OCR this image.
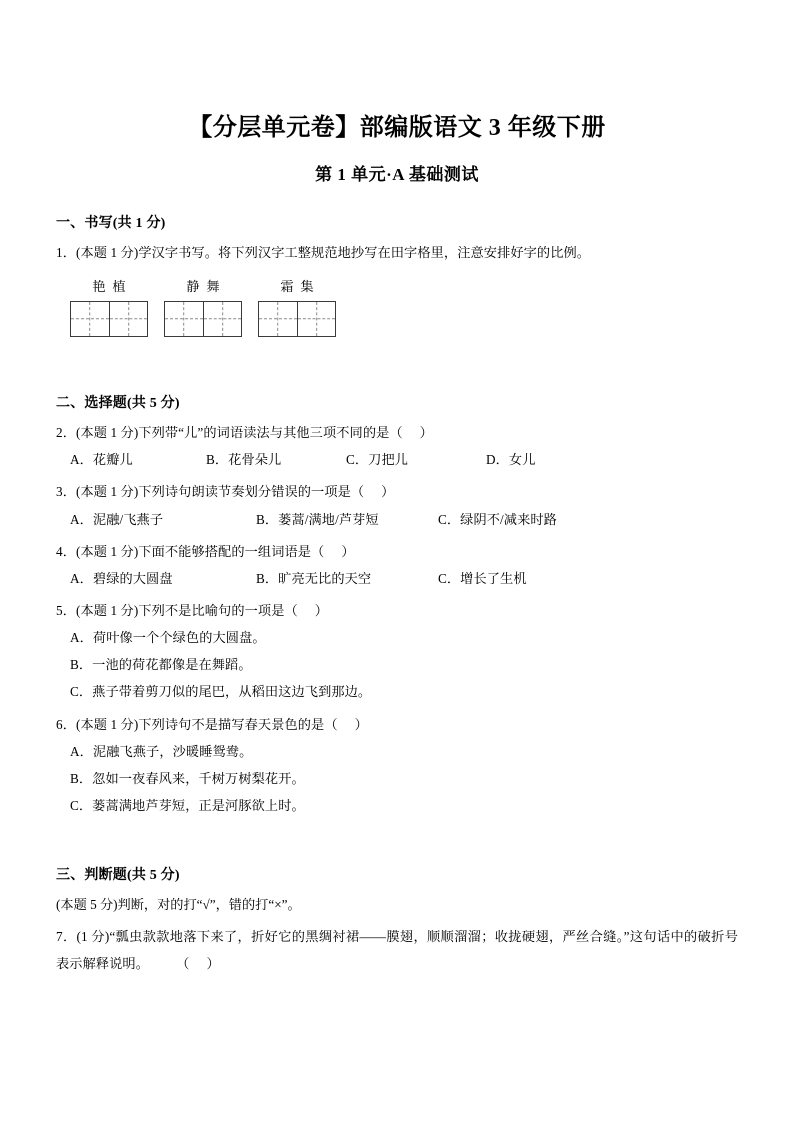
【分层单元卷】部编版语文 3 年级下册
第 1 单元·A 基础测试
一、书写(共 1 分)

1．(本题 1 分)学汉字书写。将下列汉字工整规范地抄写在田字格里，注意安排好字的比例。

艳  植	静  舞	霜  集
二、选择题(共 5 分)

2．(本题 1 分)下列带“儿”的词语读法与其他三项不同的是（     ）

A．花瓣儿	B．花骨朵儿	C．刀把儿	D．女儿

3．(本题 1 分)下列诗句朗读节奏划分错误的一项是（     ）

A．泥融/飞燕子	B．蒌蒿/满地/芦芽短	C．绿阴不/减来时路

4．(本题 1 分)下面不能够搭配的一组词语是（     ）

A．碧绿的大圆盘	B．旷亮无比的天空	C．增长了生机

5．(本题 1 分)下列不是比喻句的一项是（     ）

A．荷叶像一个个绿色的大圆盘。

B．一池的荷花都像是在舞蹈。

C．燕子带着剪刀似的尾巴，从稻田这边飞到那边。

6．(本题 1 分)下列诗句不是描写春天景色的是（     ）

A．泥融飞燕子，沙暖睡鸳鸯。

B．忽如一夜春风来，千树万树梨花开。

C．蒌蒿满地芦芽短，正是河豚欲上时。

三、判断题(共 5 分)

(本题 5 分)判断，对的打“√”，错的打“×”。

7．(1 分)“瓢虫款款地落下来了，折好它的黑绸衬裙——膜翅，顺顺溜溜；收拢硬翅，严丝合缝。”这句话中的破折号表示解释说明。        （     ）
